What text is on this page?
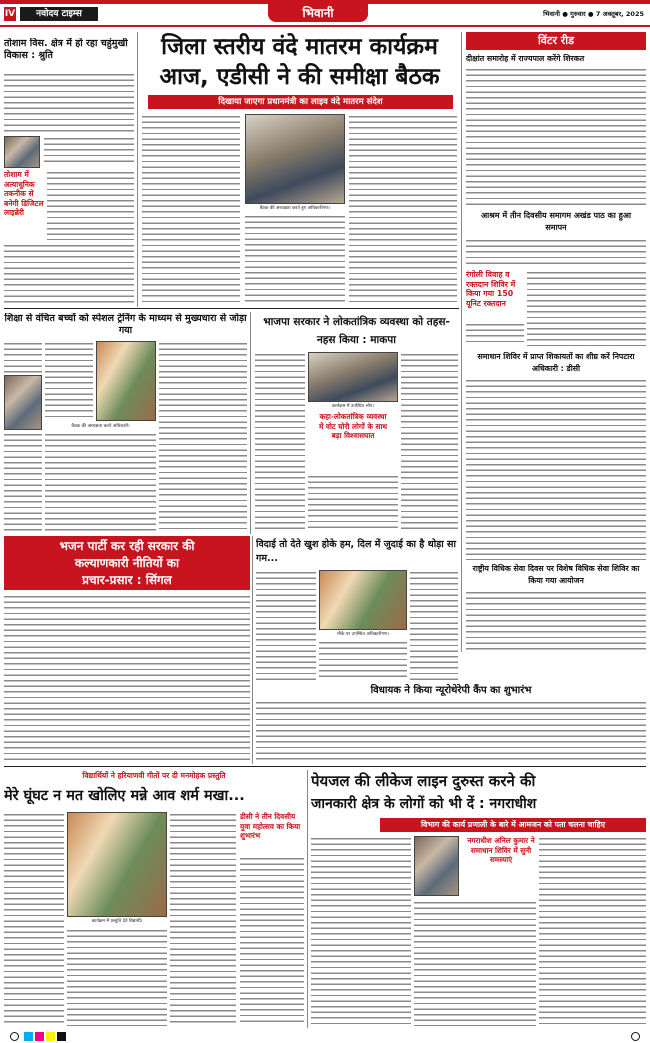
IV	नवोदय टाइम्स	भिवानी	भिवानी ● गुरुवार ● 7 अक्तूबर, 2025
तोशाम विस. क्षेत्र में हो रहा चहुंमुखी विकास : श्रुति
तोशाम में अत्याधुनिक तकनीक से बनेगी डिजिटल लाइब्रेरी
जिला स्तरीय वंदे मातरम कार्यक्रम
आज, एडीसी ने की समीक्षा बैठक
दिखाया जाएगा प्रधानमंत्री का लाइव वंदे मातरम संदेश
बैठक की अध्यक्षता करते हुए अधिकारीगण।
विंटर रीड
दीक्षांत समारोह में राज्यपाल करेंगे शिरकत
आश्रम में तीन दिवसीय समागम अखंड पाठ का हुआ समापन
रंगोली विवाह व रक्तदान शिविर में किया गया 150 यूनिट रक्तदान
समाधान शिविर में प्राप्त शिकायतों का शीघ्र करें निपटारा अधिकारी : डीसी
राष्ट्रीय विधिक सेवा दिवस पर विशेष विधिक सेवा शिविर का किया गया आयोजन
शिक्षा से वंचित बच्चों को स्पेशल ट्रेनिंग के माध्यम से मुख्यधारा से जोड़ा गया
बैठक की अध्यक्षता करते अधिकारी।
भाजपा सरकार ने लोकतांत्रिक व्यवस्था को तहस-नहस किया : माकपा
कार्यक्रम में उपस्थित लोग।
कहा-लोकतांत्रिक व्यवस्था में वोट चोरी लोगों के साथ बड़ा विश्वासघात
भजन पार्टी कर रही सरकार की
कल्याणकारी नीतियों का
प्रचार-प्रसार : सिंगल
विदाई तो देते खुश होके हम, दिल में जुदाई का है थोड़ा सा गम...
मौके पर उपस्थित अधिकारीगण।
विधायक ने किया न्यूरोथेरेपी कैंप का शुभारंभ
विद्यार्थियों ने हरियाणवी गीतों पर दी मनमोहक प्रस्तुति
मेरे घूंघट न मत खोलिए मन्ने आव शर्म मखा...
कार्यक्रम में प्रस्तुति देते विद्यार्थी।
डीसी ने तीन दिवसीय युवा महोत्सव का किया शुभारंभ
पेयजल की लीकेज लाइन दुरुस्त करने की
जानकारी क्षेत्र के लोगों को भी दें : नगराधीश
विभाग की कार्य प्रणाली के बारे में आमजन को पता चलना चाहिए
नगराधीश अनिल कुमार ने समाधान शिविर में सुनी समस्याएं
